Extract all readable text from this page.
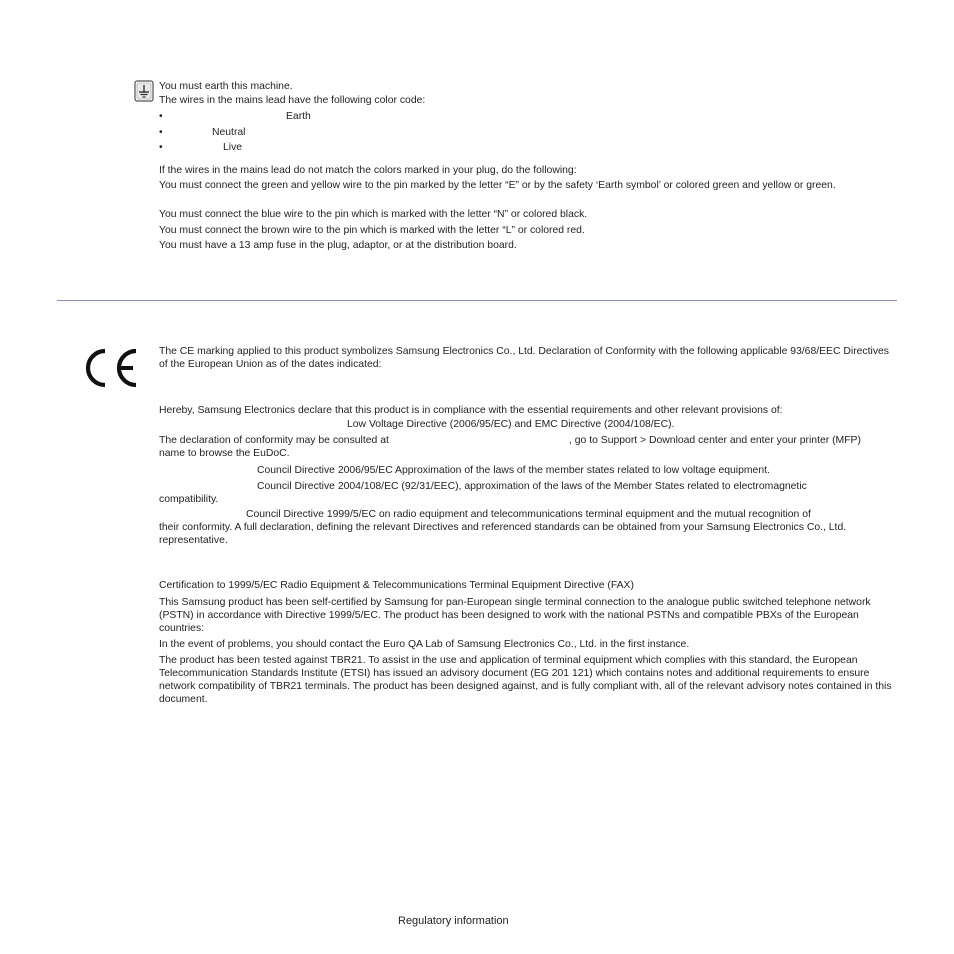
You must earth this machine.
The wires in the mains lead have the following color code:
•	Earth
•	Neutral
•	Live
If the wires in the mains lead do not match the colors marked in your plug, do the following:
You must connect the green and yellow wire to the pin marked by the letter “E” or by the safety ‘Earth symbol’ or colored green and yellow or green.
You must connect the blue wire to the pin which is marked with the letter “N” or colored black.
You must connect the brown wire to the pin which is marked with the letter “L” or colored red.
You must have a 13 amp fuse in the plug, adaptor, or at the distribution board.
The CE marking applied to this product symbolizes Samsung Electronics Co., Ltd. Declaration of Conformity with the following applicable 93/68/EEC Directives of the European Union as of the dates indicated:
Hereby, Samsung Electronics declare that this product is in compliance with the essential requirements and other relevant provisions of:
Low Voltage Directive (2006/95/EC) and EMC Directive (2004/108/EC).
The declaration of conformity may be consulted at	, go to Support > Download center and enter your printer (MFP)
name to browse the EuDoC.
Council Directive 2006/95/EC Approximation of the laws of the member states related to low voltage equipment.
Council Directive 2004/108/EC (92/31/EEC), approximation of the laws of the Member States related to electromagnetic
compatibility.
Council Directive 1999/5/EC on radio equipment and telecommunications terminal equipment and the mutual recognition of
their conformity. A full declaration, defining the relevant Directives and referenced standards can be obtained from your Samsung Electronics Co., Ltd. representative.
Certification to 1999/5/EC Radio Equipment & Telecommunications Terminal Equipment Directive (FAX)
This Samsung product has been self-certified by Samsung for pan-European single terminal connection to the analogue public switched telephone network (PSTN) in accordance with Directive 1999/5/EC. The product has been designed to work with the national PSTNs and compatible PBXs of the European countries:
In the event of problems, you should contact the Euro QA Lab of Samsung Electronics Co., Ltd. in the first instance.
The product has been tested against TBR21. To assist in the use and application of terminal equipment which complies with this standard, the European Telecommunication Standards Institute (ETSI) has issued an advisory document (EG 201 121) which contains notes and additional requirements to ensure network compatibility of TBR21 terminals. The product has been designed against, and is fully compliant with, all of the relevant advisory notes contained in this document.
Regulatory information
